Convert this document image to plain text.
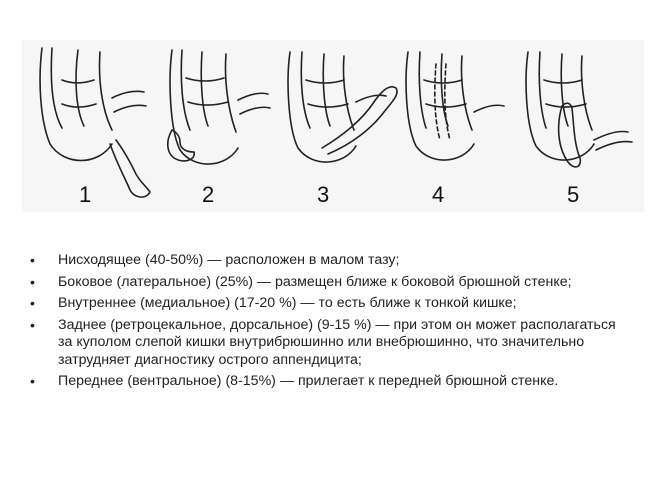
1	2	3	4	5
• Нисходящее (40-50%) — расположен в малом тазу;
• Боковое (латеральное) (25%) — размещен ближе к боковой брюшной стенке;
• Внутреннее (медиальное) (17-20 %) — то есть ближе к тонкой кишке;
• Заднее (ретроцекальное, дорсальное) (9-15 %) — при этом он может располагаться за куполом слепой кишки внутрибрюшинно или внебрюшинно, что значительно затрудняет диагностику острого аппендицита;
• Переднее (вентральное) (8-15%) — прилегает к передней брюшной стенке.
